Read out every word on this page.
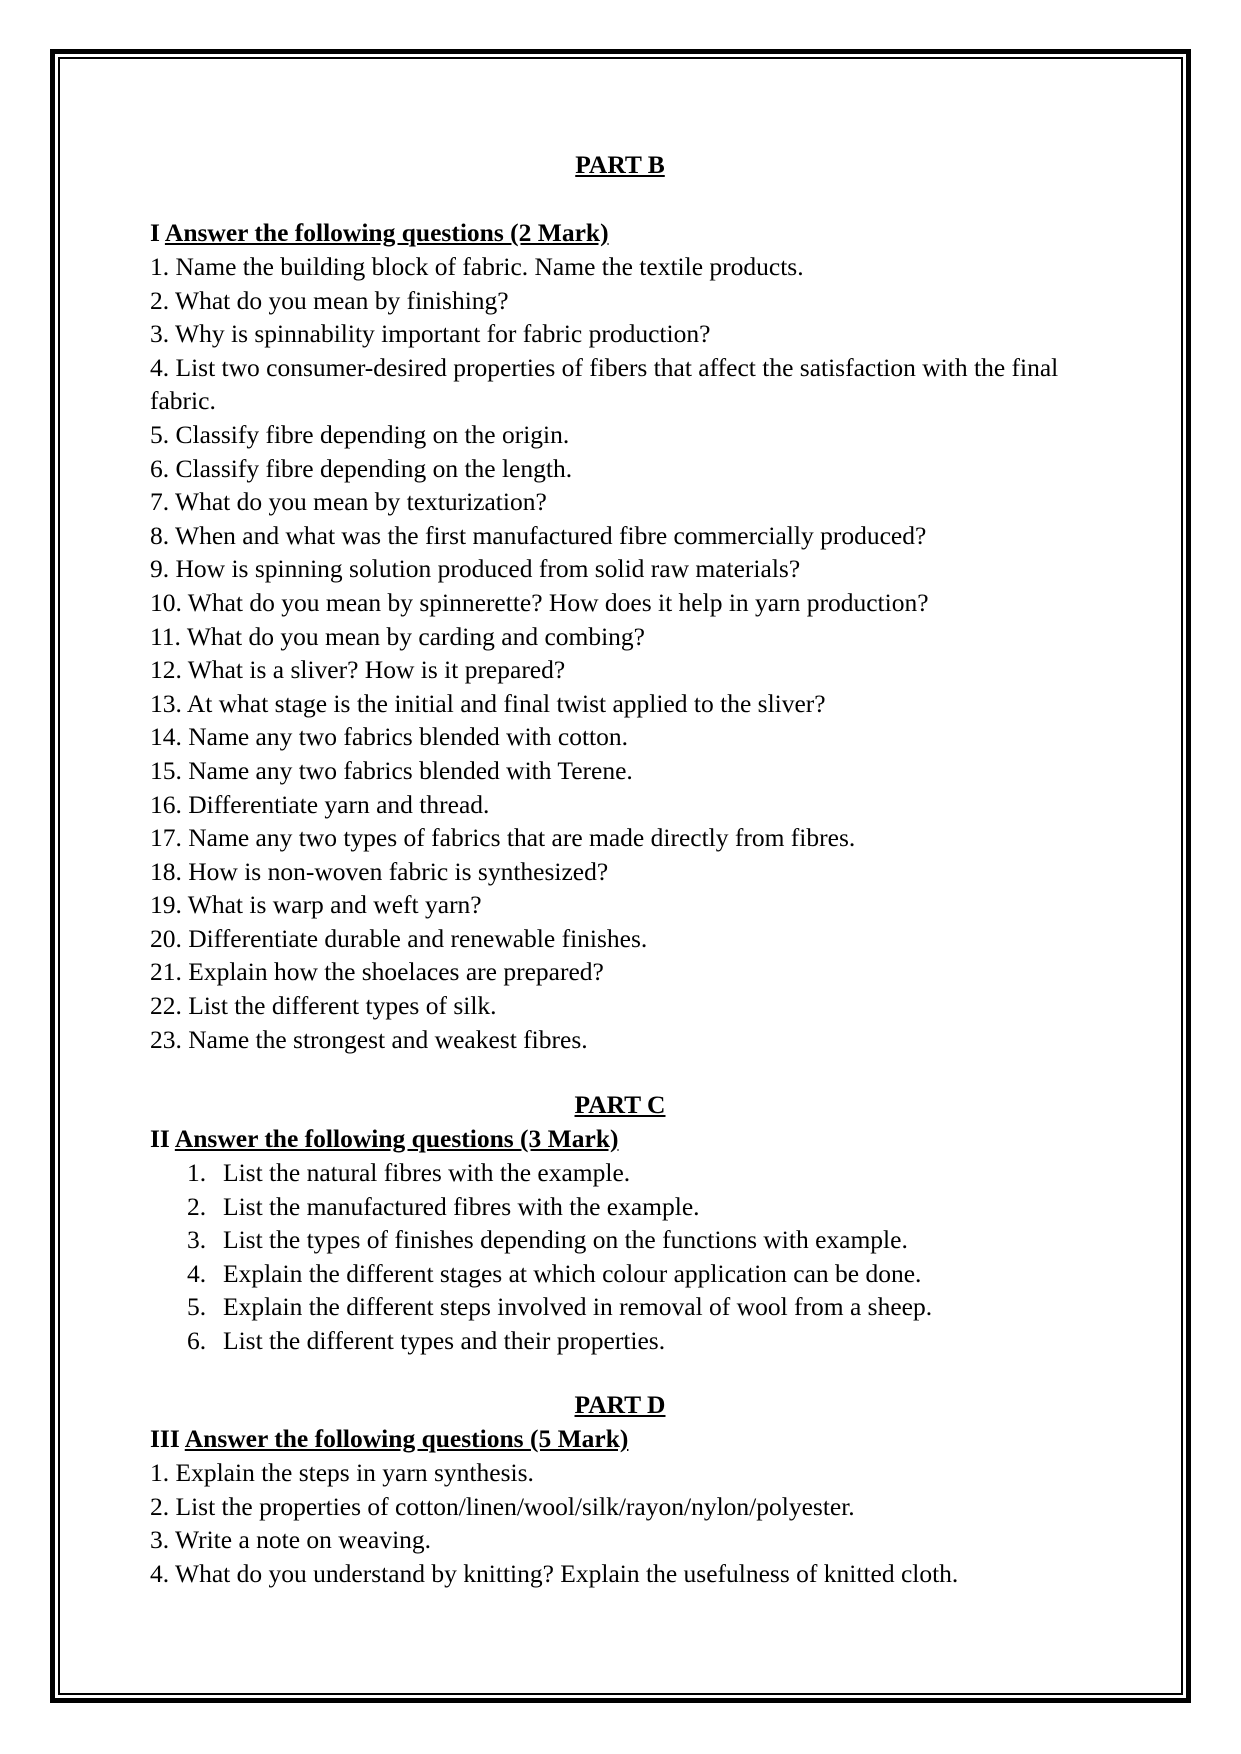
PART B
I Answer the following questions (2 Mark)
1. Name the building block of fabric. Name the textile products.
2. What do you mean by finishing?
3. Why is spinnability important for fabric production?
4. List two consumer-desired properties of fibers that affect the satisfaction with the final fabric.
5. Classify fibre depending on the origin.
6. Classify fibre depending on the length.
7. What do you mean by texturization?
8. When and what was the first manufactured fibre commercially produced?
9. How is spinning solution produced from solid raw materials?
10. What do you mean by spinnerette? How does it help in yarn production?
11. What do you mean by carding and combing?
12. What is a sliver? How is it prepared?
13. At what stage is the initial and final twist applied to the sliver?
14. Name any two fabrics blended with cotton.
15. Name any two fabrics blended with Terene.
16. Differentiate yarn and thread.
17. Name any two types of fabrics that are made directly from fibres.
18. How is non-woven fabric is synthesized?
19. What is warp and weft yarn?
20. Differentiate durable and renewable finishes.
21. Explain how the shoelaces are prepared?
22. List the different types of silk.
23. Name the strongest and weakest fibres.
PART C
II Answer the following questions (3 Mark)
1. List the natural fibres with the example.
2. List the manufactured fibres with the example.
3. List the types of finishes depending on the functions with example.
4. Explain the different stages at which colour application can be done.
5. Explain the different steps involved in removal of wool from a sheep.
6. List the different types and their properties.
PART D
III Answer the following questions (5 Mark)
1. Explain the steps in yarn synthesis.
2. List the properties of cotton/linen/wool/silk/rayon/nylon/polyester.
3. Write a note on weaving.
4. What do you understand by knitting? Explain the usefulness of knitted cloth.
